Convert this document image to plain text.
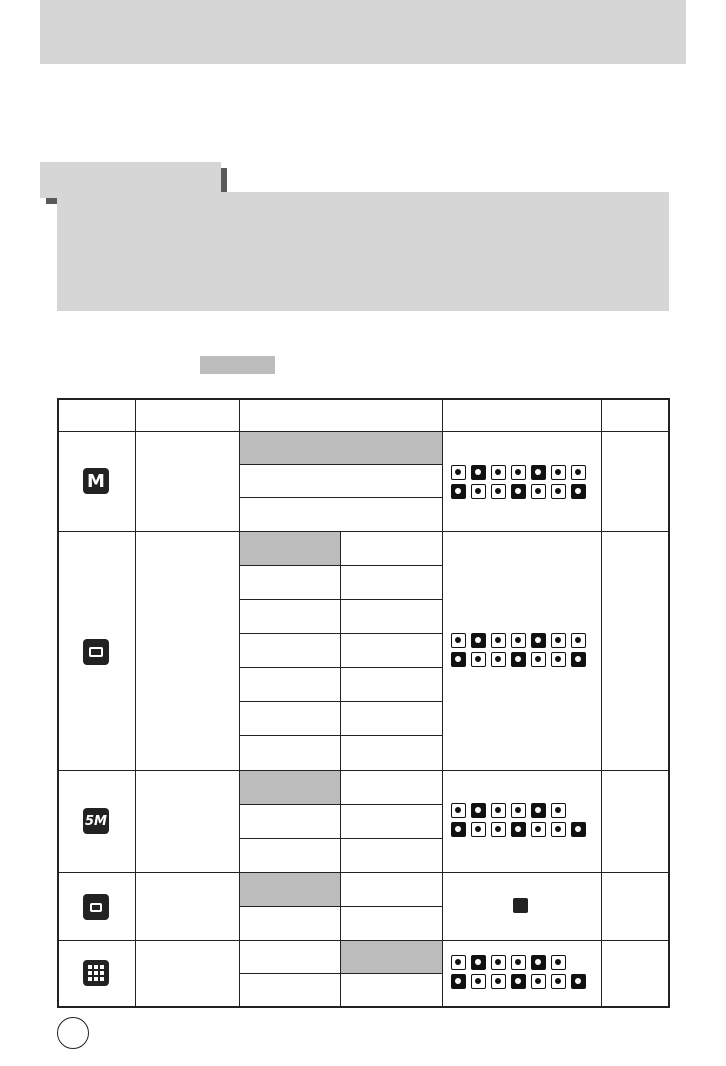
M
5M
